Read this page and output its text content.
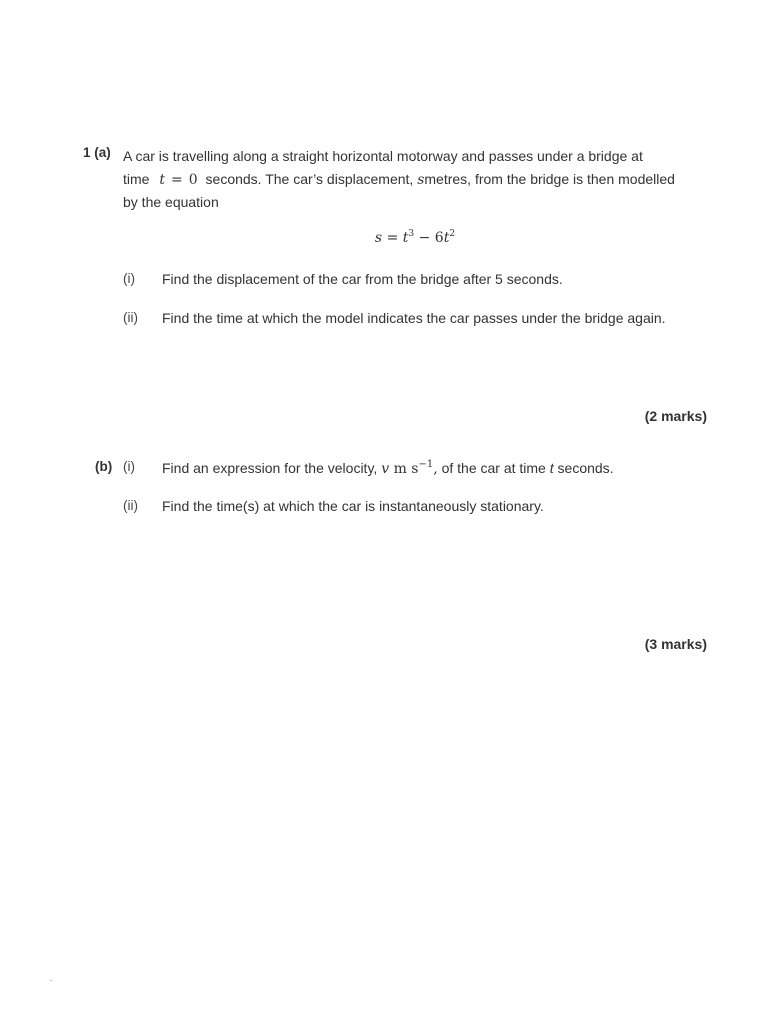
1 (a) A car is travelling along a straight horizontal motorway and passes under a bridge at
time t = 0 seconds. The car’s displacement, smetres, from the bridge is then modelled
by the equation
$s = t^3 - 6t^2$
(i) Find the displacement of the car from the bridge after 5 seconds.
(ii) Find the time at which the model indicates the car passes under the bridge again.
(2 marks)
(b) (i) Find an expression for the velocity, v m $s^{-1}$, of the car at time t seconds.
(ii) Find the time(s) at which the car is instantaneously stationary.
(3 marks)
